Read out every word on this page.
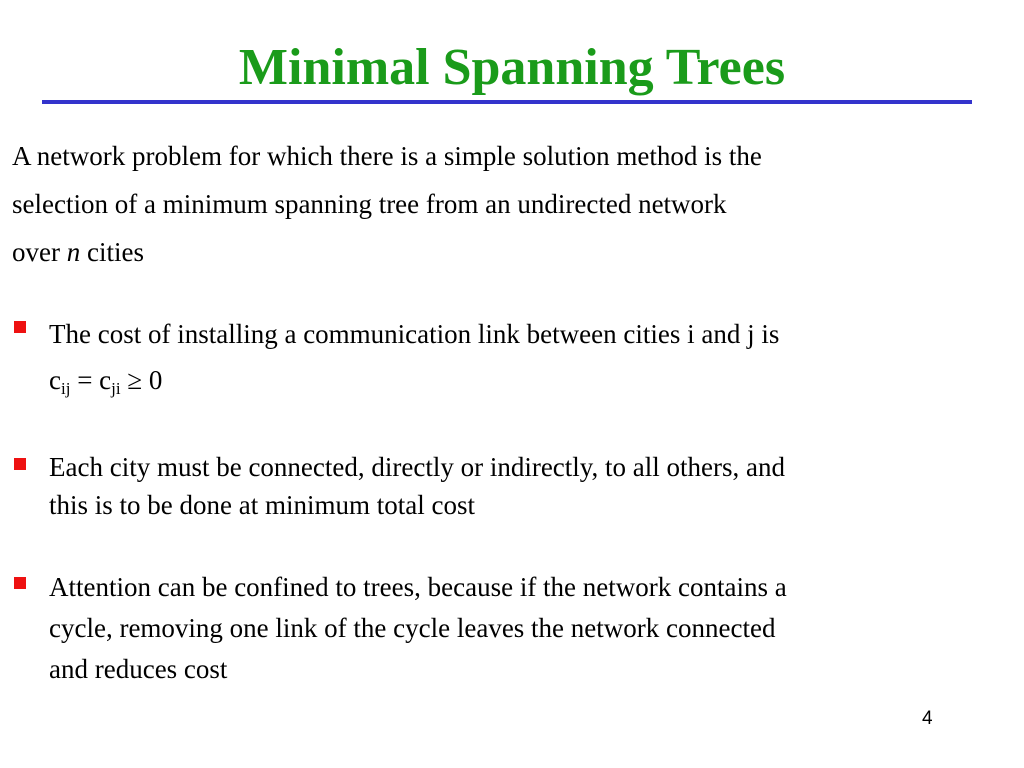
Minimal Spanning Trees
A network problem for which there is a simple solution method is the
selection of a minimum spanning tree from an undirected network
over n cities
The cost of installing a communication link between cities i and j is
$c_{ij} = c_{ji} \ge 0$
Each city must be connected, directly or indirectly, to all others, and
this is to be done at minimum total cost
Attention can be confined to trees, because if the network contains a
cycle, removing one link of the cycle leaves the network connected
and reduces cost
4
